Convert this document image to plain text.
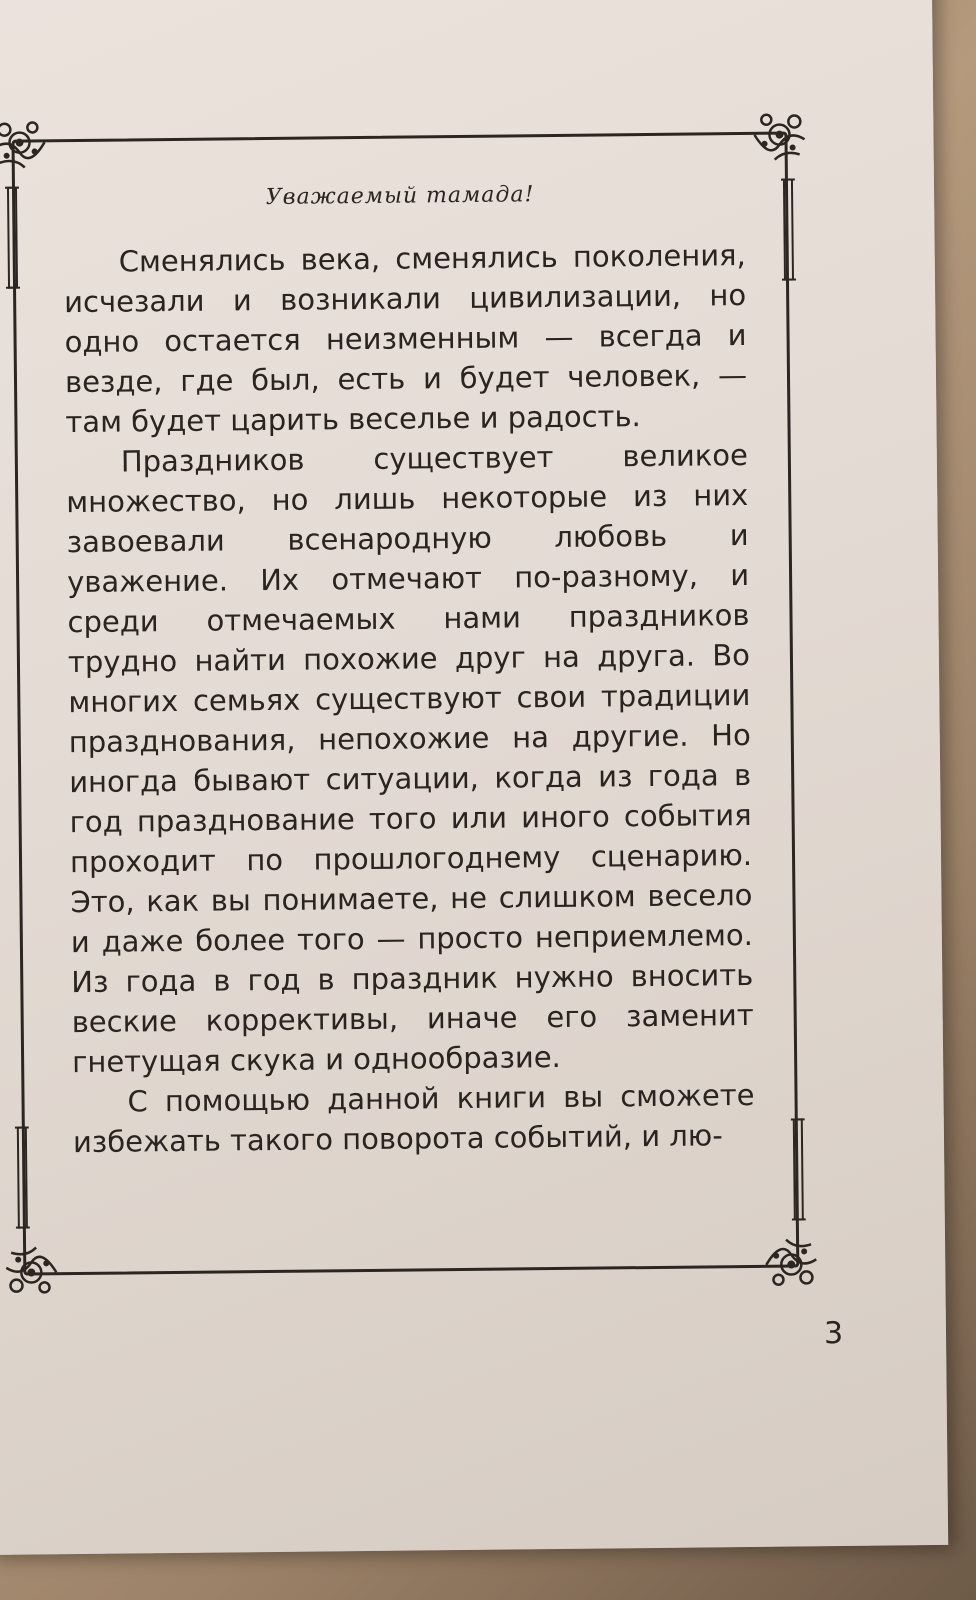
Уважаемый тамада!

Сменялись века, сменялись поколения, исчезали и возникали цивилизации, но одно остается неизменным — всегда и везде, где был, есть и будет человек, — там будет царить веселье и радость.

Праздников существует великое множество, но лишь некоторые из них завоевали всенародную любовь и уважение. Их отмечают по-разному, и среди отмечаемых нами праздников трудно найти похожие друг на друга. Во многих семьях существуют свои традиции празднования, непохожие на другие. Но иногда бывают ситуации, когда из года в год празднование того или иного события проходит по прошлогоднему сценарию. Это, как вы понимаете, не слишком весело и даже более того — просто неприемлемо. Из года в год в праздник нужно вносить веские коррективы, иначе его заменит гнетущая скука и однообразие.

С помощью данной книги вы сможете избежать такого поворота событий, и лю-

3
